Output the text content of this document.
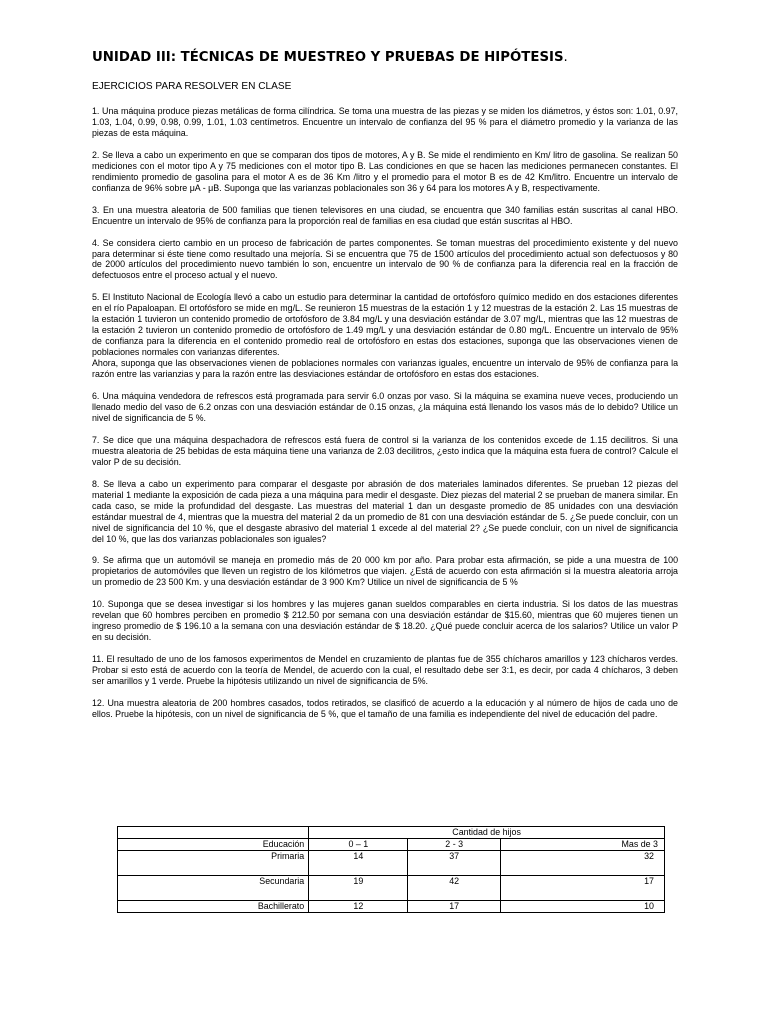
UNIDAD III: TÉCNICAS DE MUESTREO Y PRUEBAS DE HIPÓTESIS.
EJERCICIOS PARA RESOLVER EN CLASE
1. Una máquina produce piezas metálicas de forma cilíndrica. Se toma una muestra de las piezas y se miden los diámetros, y éstos son: 1.01, 0.97, 1.03, 1.04, 0.99, 0.98, 0.99, 1.01, 1.03 centímetros. Encuentre un intervalo de confianza del 95 % para el diámetro promedio y la varianza de las piezas de esta máquina.
2. Se lleva a cabo un experimento en que se comparan dos tipos de motores, A y B. Se mide el rendimiento en Km/ litro de gasolina. Se realizan 50 mediciones con el motor tipo A y 75 mediciones con el motor tipo B. Las condiciones en que se hacen las mediciones permanecen constantes. El rendimiento promedio de gasolina para el motor A es de 36 Km /litro y el promedio para el motor B es de 42 Km/litro. Encuentre un intervalo de confianza de 96% sobre μA - μB. Suponga que las varianzas poblacionales son 36 y 64 para los motores A y B, respectivamente.
3. En una muestra aleatoria de 500 familias que tienen televisores en una ciudad, se encuentra que 340 familias están suscritas al canal HBO. Encuentre un intervalo de 95% de confianza para la proporción real de familias en esa ciudad que están suscritas al HBO.
4. Se considera cierto cambio en un proceso de fabricación de partes componentes. Se toman muestras del procedimiento existente y del nuevo para determinar si éste tiene como resultado una mejoría. Si se encuentra que 75 de 1500 artículos del procedimiento actual son defectuosos y 80 de 2000 artículos del procedimiento nuevo también lo son, encuentre un intervalo de 90 % de confianza para la diferencia real en la fracción de defectuosos entre el proceso actual y el nuevo.
5. El Instituto Nacional de Ecología llevó a cabo un estudio para determinar la cantidad de ortofósforo químico medido en dos estaciones diferentes en el río Papaloapan. El ortofósforo se mide en mg/L. Se reunieron 15 muestras de la estación 1 y 12 muestras de la estación 2. Las 15 muestras de la estación 1 tuvieron un contenido promedio de ortofósforo de 3.84 mg/L y una desviación estándar de 3.07 mg/L, mientras que las 12 muestras de la estación 2 tuvieron un contenido promedio de ortofósforo de 1.49 mg/L y una desviación estándar de 0.80 mg/L. Encuentre un intervalo de 95% de confianza para la diferencia en el contenido promedio real de ortofósforo en estas dos estaciones, suponga que las observaciones vienen de poblaciones normales con varianzas diferentes.
Ahora, suponga que las observaciones vienen de poblaciones normales con varianzas iguales, encuentre un intervalo de 95% de confianza para la razón entre las varianzias y para la razón entre las desviaciones estándar de ortofósforo en estas dos estaciones.
6. Una máquina vendedora de refrescos está programada para servir 6.0 onzas por vaso. Si la máquina se examina nueve veces, produciendo un llenado medio del vaso de 6.2 onzas con una desviación estándar de 0.15 onzas, ¿la máquina está llenando los vasos más de lo debido? Utilice un nivel de significancia de 5 %.
7. Se dice que una máquina despachadora de refrescos está fuera de control si la varianza de los contenidos excede de 1.15 decilitros. Si una muestra aleatoria de 25 bebidas de esta máquina tiene una varianza de 2.03 decilitros, ¿esto indica que la máquina esta fuera de control? Calcule el valor P de su decisión.
8. Se lleva a cabo un experimento para comparar el desgaste por abrasión de dos materiales laminados diferentes. Se prueban 12 piezas del material 1 mediante la exposición de cada pieza a una máquina para medir el desgaste. Diez piezas del material 2 se prueban de manera similar. En cada caso, se mide la profundidad del desgaste. Las muestras del material 1 dan un desgaste promedio de 85 unidades con una desviación estándar muestral de 4, mientras que la muestra del material 2 da un promedio de 81 con una desviación estándar de 5. ¿Se puede concluir, con un nivel de significancia del 10 %, que el desgaste abrasivo del material 1 excede al del material 2? ¿Se puede concluir, con un nivel de significancia del 10 %, que las dos varianzas poblacionales son iguales?
9. Se afirma que un automóvil se maneja en promedio más de 20 000 km por año. Para probar esta afirmación, se pide a una muestra de 100 propietarios de automóviles que lleven un registro de los kilómetros que viajen. ¿Está de acuerdo con esta afirmación si la muestra aleatoria arroja un promedio de 23 500 Km. y una desviación estándar de 3 900 Km? Utilice un nivel de significancia de 5 %
10. Suponga que se desea investigar si los hombres y las mujeres ganan sueldos comparables en cierta industria. Si los datos de las muestras revelan que 60 hombres perciben en promedio $ 212.50 por semana con una desviación estándar de $15.60, mientras que 60 mujeres tienen un ingreso promedio de $ 196.10 a la semana con una desviación estándar de $ 18.20. ¿Qué puede concluir acerca de los salarios? Utilice un valor P en su decisión.
11. El resultado de uno de los famosos experimentos de Mendel en cruzamiento de plantas fue de 355 chícharos amarillos y 123 chícharos verdes. Probar si esto está de acuerdo con la teoría de Mendel, de acuerdo con la cual, el resultado debe ser 3:1, es decir, por cada 4 chícharos, 3 deben ser amarillos y 1 verde. Pruebe la hipótesis utilizando un nivel de significancia de 5%.
12. Una muestra aleatoria de 200 hombres casados, todos retirados, se clasificó de acuerdo a la educación y al número de hijos de cada uno de ellos. Pruebe la hipótesis, con un nivel de significancia de 5 %, que el tamaño de una familia es independiente del nivel de educación del padre.
	Cantidad de hijos		
Educación	0 – 1	2 - 3	Mas de 3
Primaria	14	37	32
Secundaria	19	42	17
Bachillerato	12	17	10
